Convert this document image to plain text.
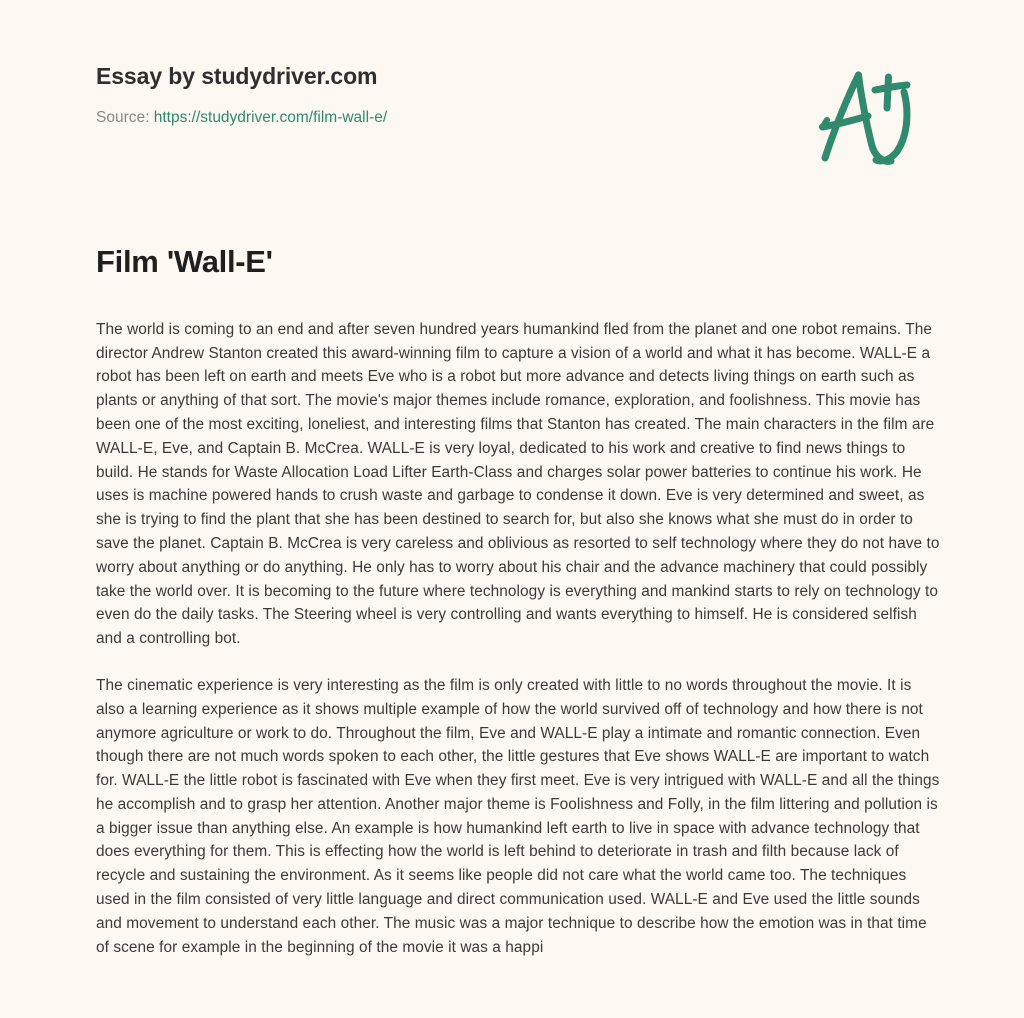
Essay by studydriver.com
Source: https://studydriver.com/film-wall-e/
Film 'Wall-E'

The world is coming to an end and after seven hundred years humankind fled from the planet and one robot remains. The director Andrew Stanton created this award-winning film to capture a vision of a world and what it has become. WALL-E a robot has been left on earth and meets Eve who is a robot but more advance and detects living things on earth such as plants or anything of that sort. The movie's major themes include romance, exploration, and foolishness. This movie has been one of the most exciting, loneliest, and interesting films that Stanton has created. The main characters in the film are WALL-E, Eve, and Captain B. McCrea. WALL-E is very loyal, dedicated to his work and creative to find news things to build. He stands for Waste Allocation Load Lifter Earth-Class and charges solar power batteries to continue his work. He uses is machine powered hands to crush waste and garbage to condense it down. Eve is very determined and sweet, as she is trying to find the plant that she has been destined to search for, but also she knows what she must do in order to save the planet. Captain B. McCrea is very careless and oblivious as resorted to self technology where they do not have to worry about anything or do anything. He only has to worry about his chair and the advance machinery that could possibly take the world over. It is becoming to the future where technology is everything and mankind starts to rely on technology to even do the daily tasks. The Steering wheel is very controlling and wants everything to himself. He is considered selfish and a controlling bot.

The cinematic experience is very interesting as the film is only created with little to no words throughout the movie. It is also a learning experience as it shows multiple example of how the world survived off of technology and how there is not anymore agriculture or work to do. Throughout the film, Eve and WALL-E play a intimate and romantic connection. Even though there are not much words spoken to each other, the little gestures that Eve shows WALL-E are important to watch for. WALL-E the little robot is fascinated with Eve when they first meet. Eve is very intrigued with WALL-E and all the things he accomplish and to grasp her attention. Another major theme is Foolishness and Folly, in the film littering and pollution is a bigger issue than anything else. An example is how humankind left earth to live in space with advance technology that does everything for them. This is effecting how the world is left behind to deteriorate in trash and filth because lack of recycle and sustaining the environment. As it seems like people did not care what the world came too. The techniques used in the film consisted of very little language and direct communication used. WALL-E and Eve used the little sounds and movement to understand each other. The music was a major technique to describe how the emotion was in that time of scene for example in the beginning of the movie it was a happi
